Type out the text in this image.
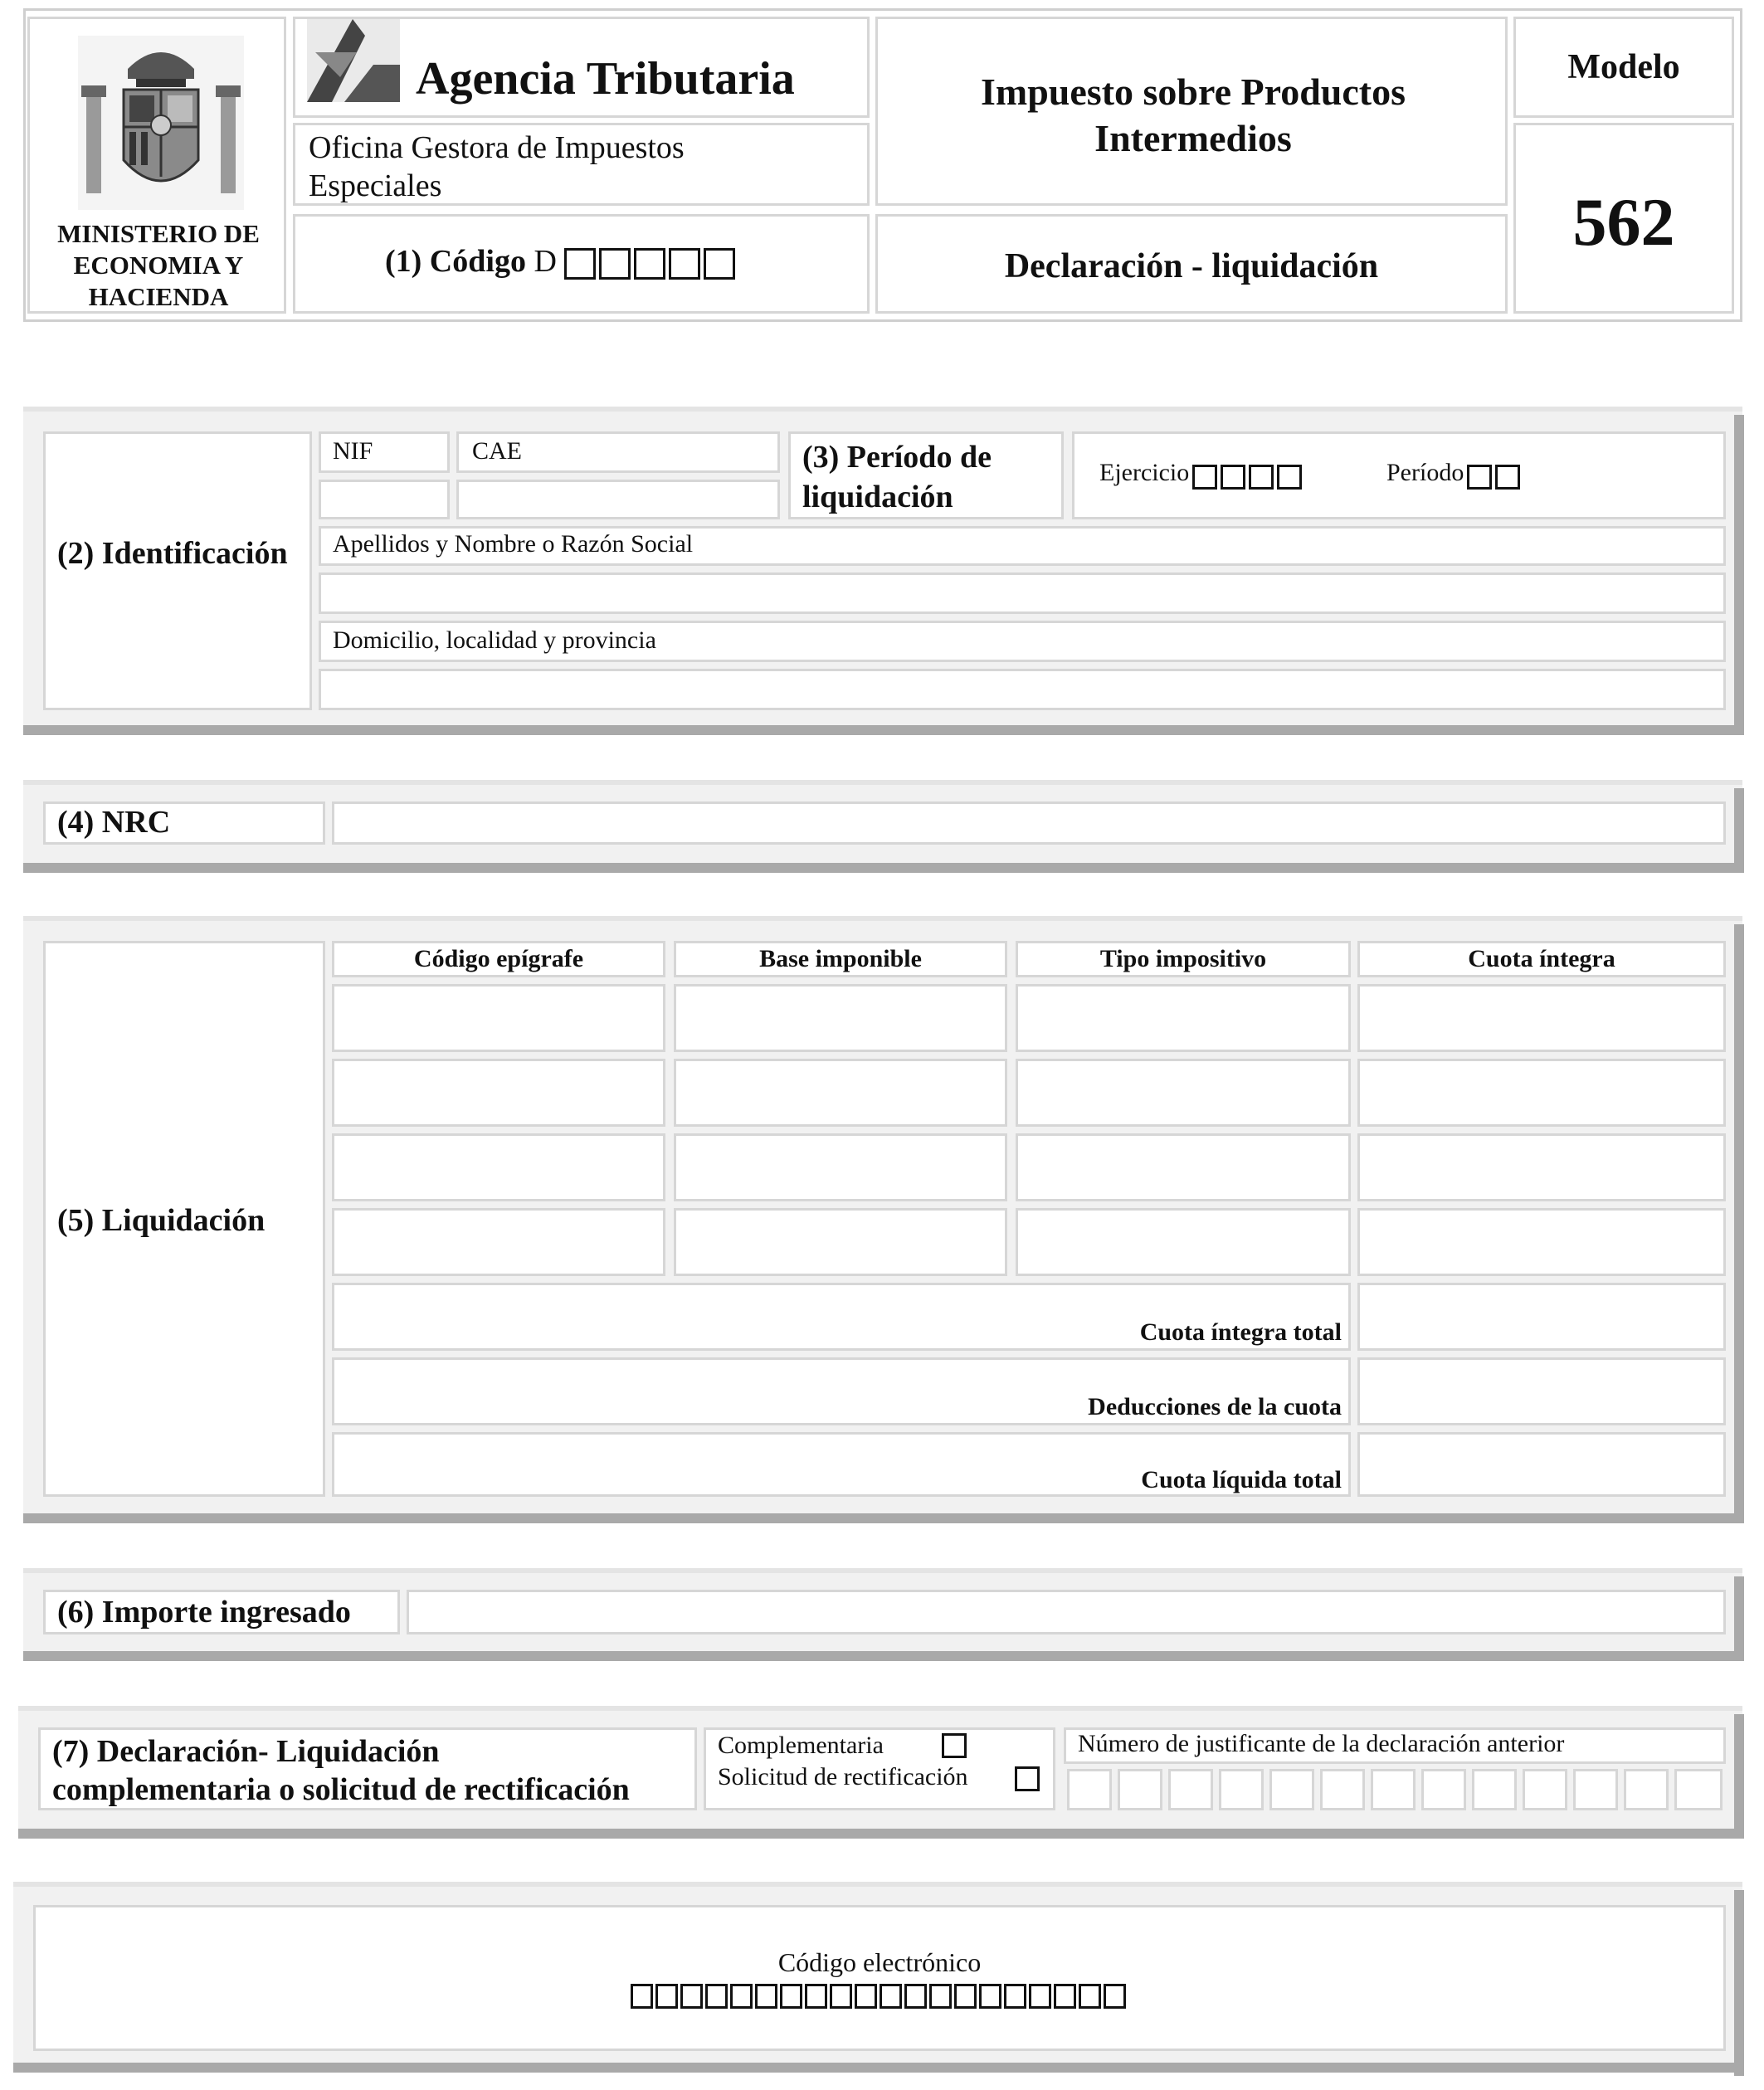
MINISTERIO DE ECONOMIA Y HACIENDA
Agencia Tributaria
Oficina Gestora de Impuestos Especiales
(1) Código D
Impuesto sobre Productos Intermedios
Declaración - liquidación
Modelo
562
(2) Identificación
NIF	CAE	(3) Período de liquidación
Ejercicio	Período
Apellidos y Nombre o Razón Social
Domicilio, localidad y provincia
(4) NRC
(5) Liquidación
Código epígrafe	Base imponible	Tipo impositivo	Cuota íntegra
Cuota íntegra total
Deducciones de la cuota
Cuota líquida total
(6) Importe ingresado
(7) Declaración- Liquidación
complementaria o solicitud de rectificación
Complementaria
Solicitud de rectificación
Número de justificante de la declaración anterior
Código electrónico
